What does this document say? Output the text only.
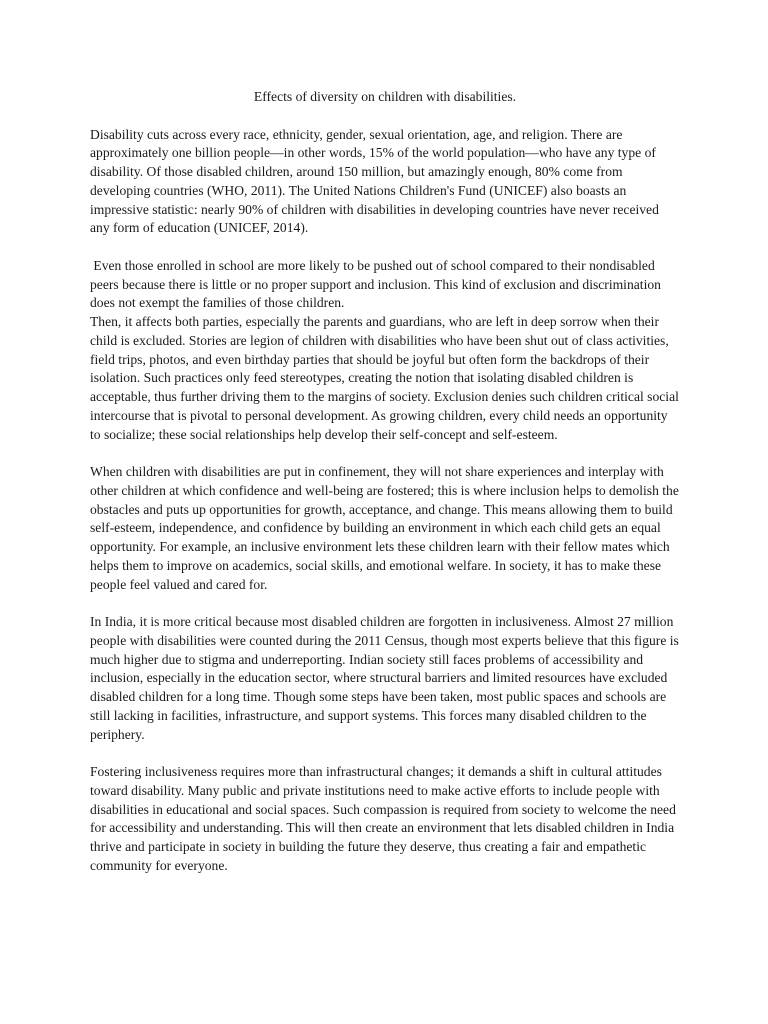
Effects of diversity on children with disabilities.

Disability cuts across every race, ethnicity, gender, sexual orientation, age, and religion. There are approximately one billion people—in other words, 15% of the world population—who have any type of disability. Of those disabled children, around 150 million, but amazingly enough, 80% come from developing countries (WHO, 2011). The United Nations Children's Fund (UNICEF) also boasts an impressive statistic: nearly 90% of children with disabilities in developing countries have never received any form of education (UNICEF, 2014).

Even those enrolled in school are more likely to be pushed out of school compared to their nondisabled peers because there is little or no proper support and inclusion. This kind of exclusion and discrimination does not exempt the families of those children.

Then, it affects both parties, especially the parents and guardians, who are left in deep sorrow when their child is excluded. Stories are legion of children with disabilities who have been shut out of class activities, field trips, photos, and even birthday parties that should be joyful but often form the backdrops of their isolation. Such practices only feed stereotypes, creating the notion that isolating disabled children is acceptable, thus further driving them to the margins of society. Exclusion denies such children critical social intercourse that is pivotal to personal development. As growing children, every child needs an opportunity to socialize; these social relationships help develop their self-concept and self-esteem.

When children with disabilities are put in confinement, they will not share experiences and interplay with other children at which confidence and well-being are fostered; this is where inclusion helps to demolish the obstacles and puts up opportunities for growth, acceptance, and change. This means allowing them to build self-esteem, independence, and confidence by building an environment in which each child gets an equal opportunity. For example, an inclusive environment lets these children learn with their fellow mates which helps them to improve on academics, social skills, and emotional welfare. In society, it has to make these people feel valued and cared for.

In India, it is more critical because most disabled children are forgotten in inclusiveness. Almost 27 million people with disabilities were counted during the 2011 Census, though most experts believe that this figure is much higher due to stigma and underreporting. Indian society still faces problems of accessibility and inclusion, especially in the education sector, where structural barriers and limited resources have excluded disabled children for a long time. Though some steps have been taken, most public spaces and schools are still lacking in facilities, infrastructure, and support systems. This forces many disabled children to the periphery.

Fostering inclusiveness requires more than infrastructural changes; it demands a shift in cultural attitudes toward disability. Many public and private institutions need to make active efforts to include people with disabilities in educational and social spaces. Such compassion is required from society to welcome the need for accessibility and understanding. This will then create an environment that lets disabled children in India thrive and participate in society in building the future they deserve, thus creating a fair and empathetic community for everyone.
